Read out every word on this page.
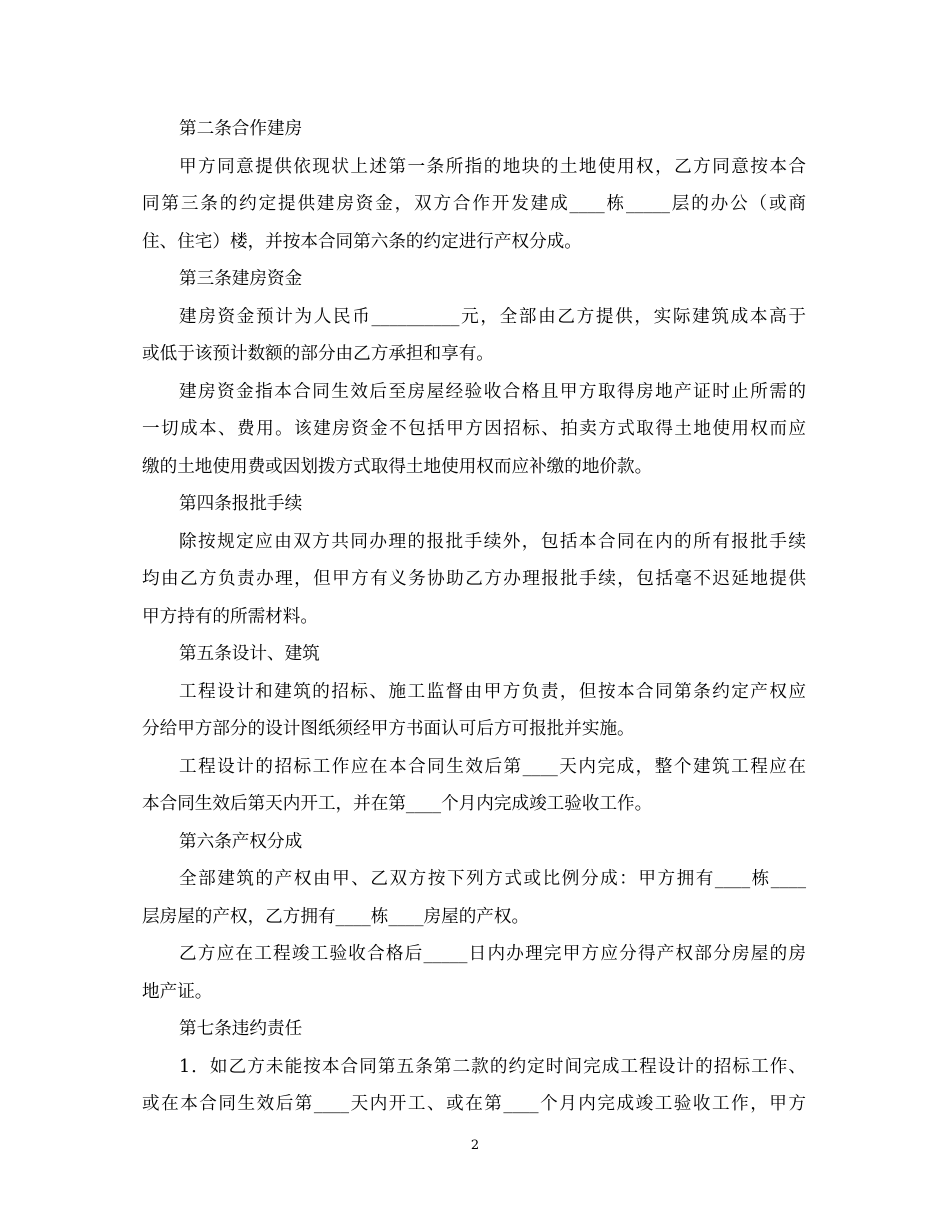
第二条合作建房
甲方同意提供依现状上述第一条所指的地块的土地使用权，乙方同意按本合
同第三条的约定提供建房资金，双方合作开发建成____栋_____层的办公（或商
住、住宅）楼，并按本合同第六条的约定进行产权分成。
第三条建房资金
建房资金预计为人民币__________元，全部由乙方提供，实际建筑成本高于
或低于该预计数额的部分由乙方承担和享有。
建房资金指本合同生效后至房屋经验收合格且甲方取得房地产证时止所需的
一切成本、费用。该建房资金不包括甲方因招标、拍卖方式取得土地使用权而应
缴的土地使用费或因划拨方式取得土地使用权而应补缴的地价款。
第四条报批手续
除按规定应由双方共同办理的报批手续外，包括本合同在内的所有报批手续
均由乙方负责办理，但甲方有义务协助乙方办理报批手续，包括毫不迟延地提供
甲方持有的所需材料。
第五条设计、建筑
工程设计和建筑的招标、施工监督由甲方负责，但按本合同第条约定产权应
分给甲方部分的设计图纸须经甲方书面认可后方可报批并实施。
工程设计的招标工作应在本合同生效后第____天内完成，整个建筑工程应在
本合同生效后第天内开工，并在第____个月内完成竣工验收工作。
第六条产权分成
全部建筑的产权由甲、乙双方按下列方式或比例分成：甲方拥有____栋____
层房屋的产权，乙方拥有____栋____房屋的产权。
乙方应在工程竣工验收合格后_____日内办理完甲方应分得产权部分房屋的房
地产证。
第七条违约责任
1．如乙方未能按本合同第五条第二款的约定时间完成工程设计的招标工作、
或在本合同生效后第____天内开工、或在第____个月内完成竣工验收工作，甲方
2
